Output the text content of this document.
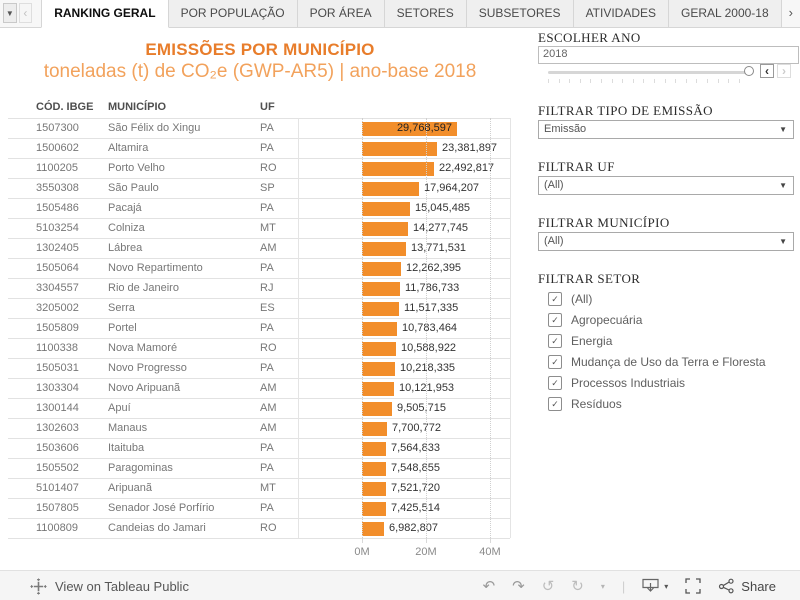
▼ ‹	RANKING GERAL	POR POPULAÇÃO	POR ÁREA	SETORES	SUBSETORES	ATIVIDADES	GERAL 2000-18	›
EMISSÕES POR MUNICÍPIO
toneladas (t) de CO₂e (GWP-AR5) | ano-base 2018
CÓD. IBGE MUNICÍPIO	UF
1507300	São Félix do Xingu	PA	29,768,597
1500602	Altamira	PA	23,381,897
1100205	Porto Velho	RO	22,492,817
3550308	São Paulo	SP	17,964,207
1505486	Pacajá	PA	15,045,485
5103254	Colniza	MT	14,277,745
1302405	Lábrea	AM	13,771,531
1505064	Novo Repartimento	PA	12,262,395
3304557	Rio de Janeiro	RJ	11,786,733
3205002	Serra	ES	11,517,335
1505809	Portel	PA	10,783,464
1100338	Nova Mamoré	RO	10,588,922
1505031	Novo Progresso	PA	10,218,335
1303304	Novo Aripuanã	AM	10,121,953
1300144	Apuí	AM	9,505,715
1302603	Manaus	AM	7,700,772
1503606	Itaituba	PA	7,564,833
1505502	Paragominas	PA	7,548,855
5101407	Aripuanã	MT	7,521,720
1507805	Senador José Porfírio	PA	7,425,514
1100809	Candeias do Jamari	RO	6,982,807
0M	20M	40M
ESCOLHER ANO
2018
‹	›
FILTRAR TIPO DE EMISSÃO
Emissão	▼
FILTRAR UF
(All)	▼
FILTRAR MUNICÍPIO
(All)	▼
FILTRAR SETOR
✓ (All)
✓ Agropecuária
✓ Energia
✓ Mudança de Uso da Terra e Floresta
✓ Processos Industriais
✓ Resíduos
View on Tableau Public	↶ ↷ ↺ ↻ ▾ |	▾	Share
